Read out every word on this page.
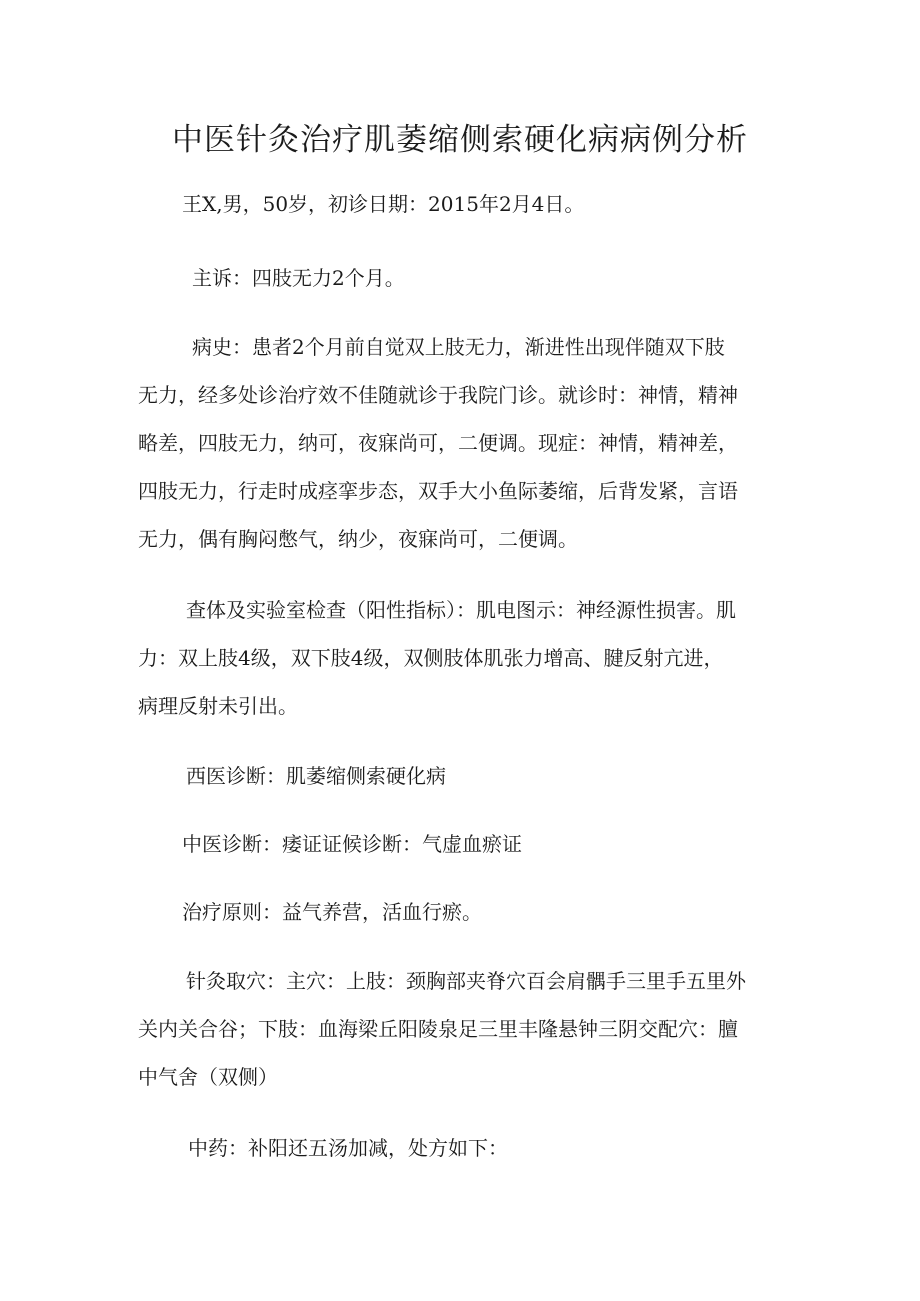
中医针灸治疗肌萎缩侧索硬化病病例分析

王X,男，50岁，初诊日期：2015年2月4日。

主诉：四肢无力2个月。

病史：患者2个月前自觉双上肢无力，渐进性出现伴随双下肢

无力，经多处诊治疗效不佳随就诊于我院门诊。就诊时：神情，精神

略差，四肢无力，纳可，夜寐尚可，二便调。现症：神情，精神差，

四肢无力，行走时成痉挛步态，双手大小鱼际萎缩，后背发紧，言语

无力，偶有胸闷憋气，纳少，夜寐尚可，二便调。

查体及实验室检查（阳性指标）：肌电图示：神经源性损害。肌

力：双上肢4级，双下肢4级，双侧肢体肌张力增高、腱反射亢进，

病理反射未引出。

西医诊断：肌萎缩侧索硬化病

中医诊断：痿证证候诊断：气虚血瘀证

治疗原则：益气养营，活血行瘀。

针灸取穴：主穴：上肢：颈胸部夹脊穴百会肩髃手三里手五里外

关内关合谷；下肢：血海梁丘阳陵泉足三里丰隆悬钟三阴交配穴：膻

中气舍（双侧）

中药：补阳还五汤加减，处方如下：
